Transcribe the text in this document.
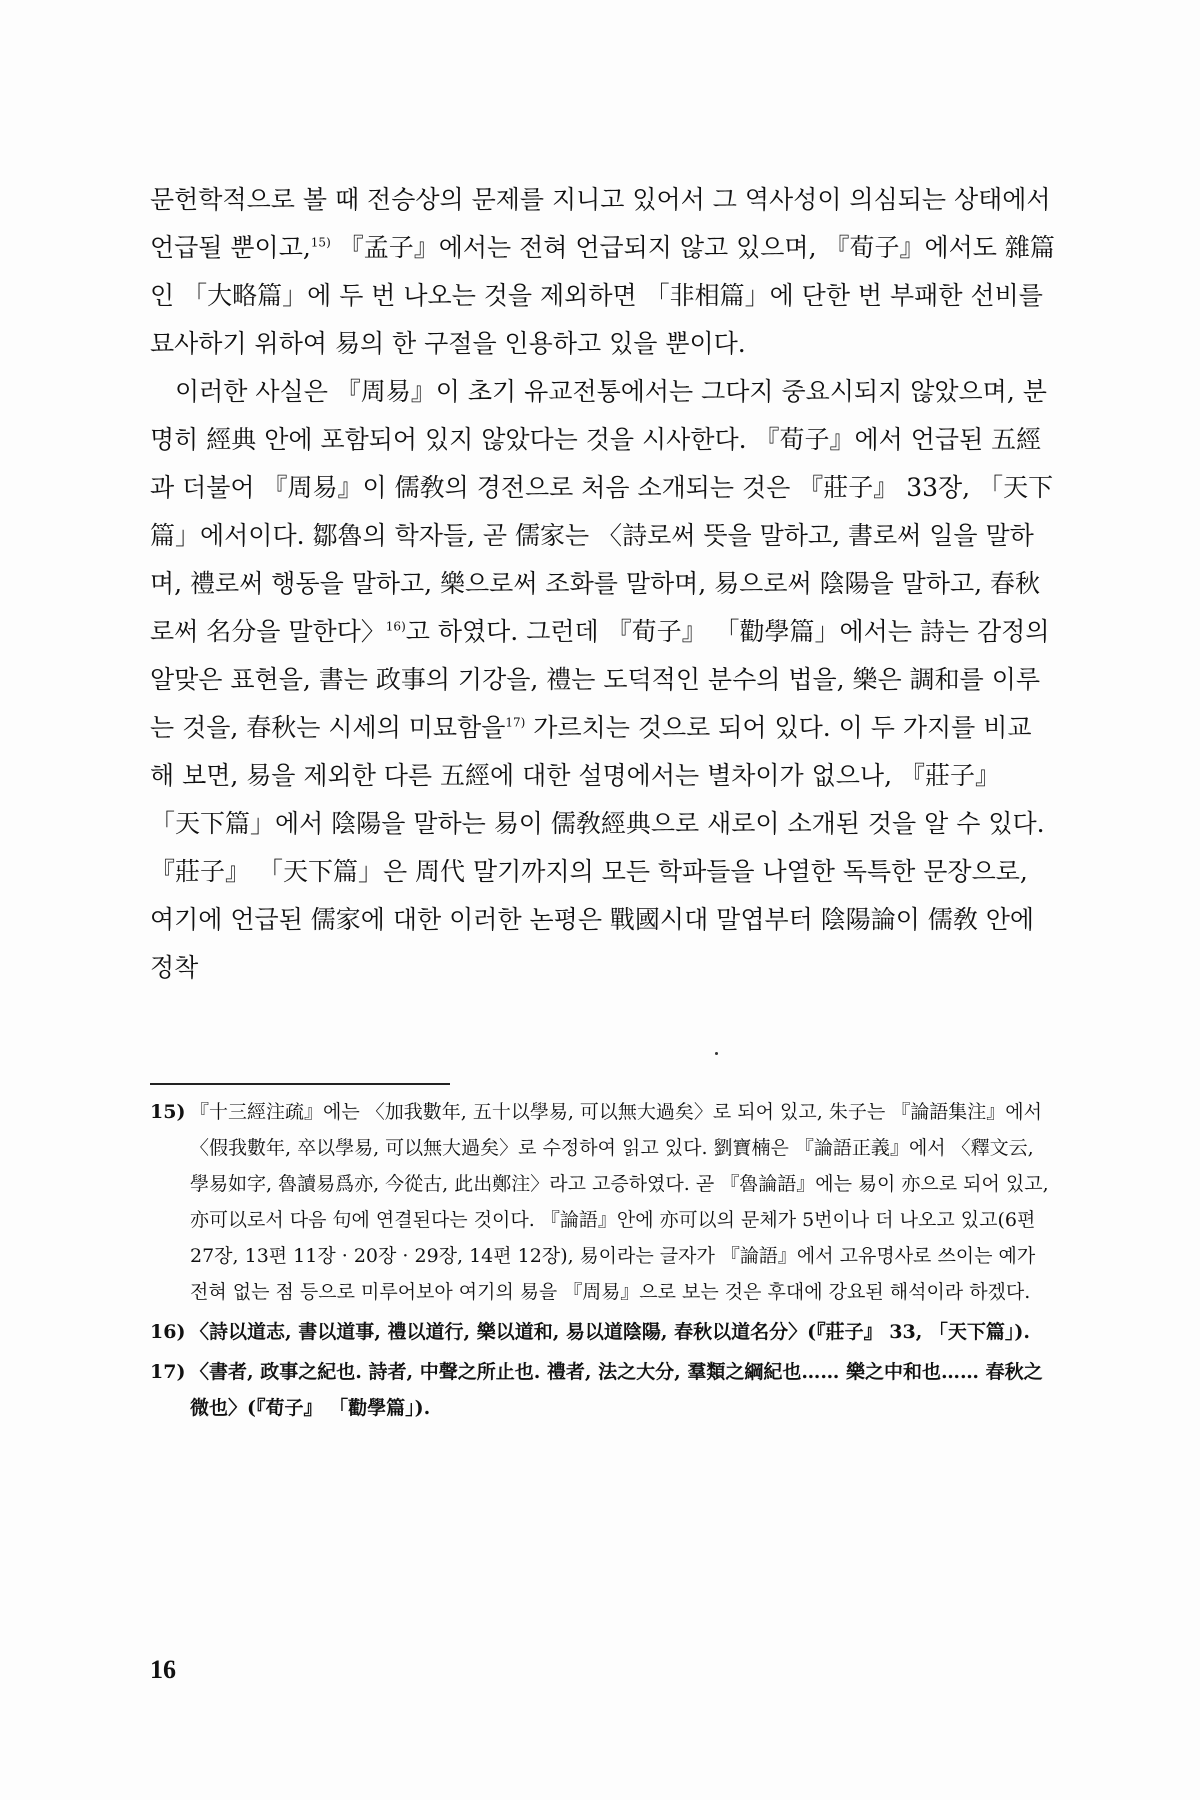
문헌학적으로 볼 때 전승상의 문제를 지니고 있어서 그 역사성이 의심되는 상태에서 언급될 뿐이고,$^{15)}$ 『孟子』에서는 전혀 언급되지 않고 있으며, 『荀子』에서도 雜篇인 「大略篇」에 두 번 나오는 것을 제외하면 「非相篇」에 단한 번 부패한 선비를 묘사하기 위하여 易의 한 구절을 인용하고 있을 뿐이다.

이러한 사실은 『周易』이 초기 유교전통에서는 그다지 중요시되지 않았으며, 분명히 經典 안에 포함되어 있지 않았다는 것을 시사한다. 『荀子』에서 언급된 五經과 더불어 『周易』이 儒敎의 경전으로 처음 소개되는 것은 『莊子』 33장, 「天下篇」에서이다. 鄒魯의 학자들, 곧 儒家는 〈詩로써 뜻을 말하고, 書로써 일을 말하며, 禮로써 행동을 말하고, 樂으로써 조화를 말하며, 易으로써 陰陽을 말하고, 春秋로써 名分을 말한다〉$^{16)}$고 하였다. 그런데 『荀子』 「勸學篇」에서는 詩는 감정의 알맞은 표현을, 書는 政事의 기강을, 禮는 도덕적인 분수의 법을, 樂은 調和를 이루는 것을, 春秋는 시세의 미묘함을$^{17)}$ 가르치는 것으로 되어 있다. 이 두 가지를 비교해 보면, 易을 제외한 다른 五經에 대한 설명에서는 별차이가 없으나, 『莊子』 「天下篇」에서 陰陽을 말하는 易이 儒敎經典으로 새로이 소개된 것을 알 수 있다. 『莊子』 「天下篇」은 周代 말기까지의 모든 학파들을 나열한 독특한 문장으로, 여기에 언급된 儒家에 대한 이러한 논평은 戰國시대 말엽부터 陰陽論이 儒敎 안에 정착

15) 『十三經注疏』에는 〈加我數年, 五十以學易, 可以無大過矣〉로 되어 있고, 朱子는 『論語集注』에서 〈假我數年, 卒以學易, 可以無大過矣〉로 수정하여 읽고 있다. 劉寶楠은 『論語正義』에서 〈釋文云, 學易如字, 魯讀易爲亦, 今從古, 此出鄭注〉라고 고증하였다. 곧 『魯論語』에는 易이 亦으로 되어 있고, 亦可以로서 다음 句에 연결된다는 것이다. 『論語』안에 亦可以의 문체가 5번이나 더 나오고 있고(6편 27장, 13편 11장 · 20장 · 29장, 14편 12장), 易이라는 글자가 『論語』에서 고유명사로 쓰이는 예가 전혀 없는 점 등으로 미루어보아 여기의 易을 『周易』으로 보는 것은 후대에 강요된 해석이라 하겠다.
16) 〈詩以道志, 書以道事, 禮以道行, 樂以道和, 易以道陰陽, 春秋以道名分〉(『莊子』 33, 「天下篇」).
17) 〈書者, 政事之紀也. 詩者, 中聲之所止也. 禮者, 法之大分, 羣類之綱紀也…… 樂之中和也…… 春秋之微也〉(『荀子』 「勸學篇」).
16
